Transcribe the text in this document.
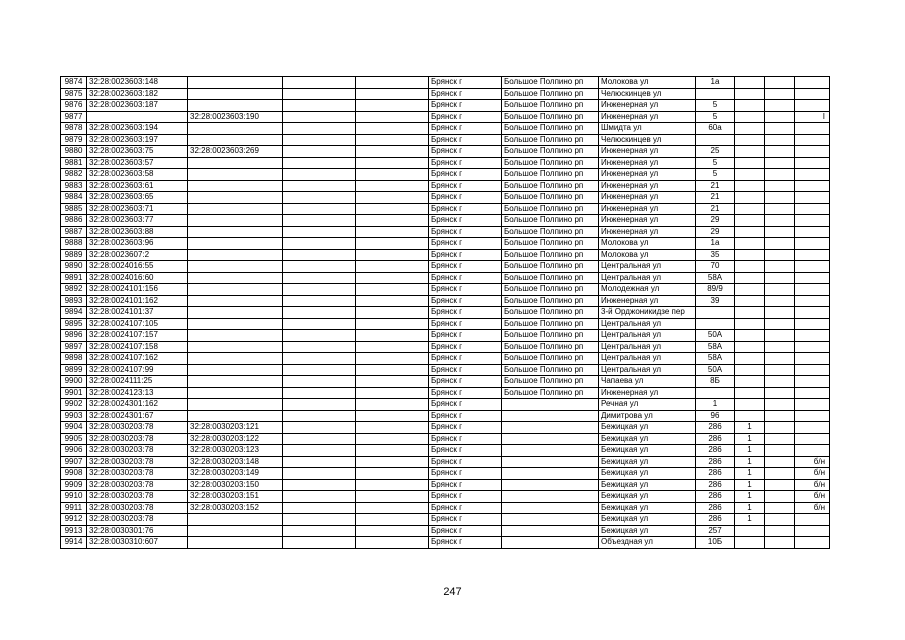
9874	32:28:0023603:148				Брянск г	Большое Полпино рп	Молокова ул	1а			
9875	32:28:0023603:182				Брянск г	Большое Полпино рп	Челюскинцев ул				
9876	32:28:0023603:187				Брянск г	Большое Полпино рп	Инженерная ул	5			
9877		32:28:0023603:190			Брянск г	Большое Полпино рп	Инженерная ул	5			I
9878	32:28:0023603:194				Брянск г	Большое Полпино рп	Шмидта ул	60а			
9879	32:28:0023603:197				Брянск г	Большое Полпино рп	Челюскинцев ул				
9880	32:28:0023603:75	32:28:0023603:269			Брянск г	Большое Полпино рп	Инженерная ул	25			
9881	32:28:0023603:57				Брянск г	Большое Полпино рп	Инженерная ул	5			
9882	32:28:0023603:58				Брянск г	Большое Полпино рп	Инженерная ул	5			
9883	32:28:0023603:61				Брянск г	Большое Полпино рп	Инженерная ул	21			
9884	32:28:0023603:65				Брянск г	Большое Полпино рп	Инженерная ул	21			
9885	32:28:0023603:71				Брянск г	Большое Полпино рп	Инженерная ул	21			
9886	32:28:0023603:77				Брянск г	Большое Полпино рп	Инженерная ул	29			
9887	32:28:0023603:88				Брянск г	Большое Полпино рп	Инженерная ул	29			
9888	32:28:0023603:96				Брянск г	Большое Полпино рп	Молокова ул	1а			
9889	32:28:0023607:2				Брянск г	Большое Полпино рп	Молокова ул	35			
9890	32:28:0024016:55				Брянск г	Большое Полпино рп	Центральная ул	70			
9891	32:28:0024016:60				Брянск г	Большое Полпино рп	Центральная ул	58А			
9892	32:28:0024101:156				Брянск г	Большое Полпино рп	Молодежная ул	89/9			
9893	32:28:0024101:162				Брянск г	Большое Полпино рп	Инженерная ул	39			
9894	32:28:0024101:37				Брянск г	Большое Полпино рп	3-й Орджоникидзе пер				
9895	32:28:0024107:105				Брянск г	Большое Полпино рп	Центральная ул				
9896	32:28:0024107:157				Брянск г	Большое Полпино рп	Центральная ул	50А			
9897	32:28:0024107:158				Брянск г	Большое Полпино рп	Центральная ул	58А			
9898	32:28:0024107:162				Брянск г	Большое Полпино рп	Центральная ул	58А			
9899	32:28:0024107:99				Брянск г	Большое Полпино рп	Центральная ул	50А			
9900	32:28:0024111:25				Брянск г	Большое Полпино рп	Чапаева ул	8Б			
9901	32:28:0024123:13				Брянск г	Большое Полпино рп	Инженерная ул				
9902	32:28:0024301:162				Брянск г		Речная ул	1			
9903	32:28:0024301:67				Брянск г		Димитрова ул	96			
9904	32:28:0030203:78	32:28:0030203:121			Брянск г		Бежицкая ул	286	1		
9905	32:28:0030203:78	32:28:0030203:122			Брянск г		Бежицкая ул	286	1		
9906	32:28:0030203:78	32:28:0030203:123			Брянск г		Бежицкая ул	286	1		
9907	32:28:0030203:78	32:28:0030203:148			Брянск г		Бежицкая ул	286	1		б/н
9908	32:28:0030203:78	32:28:0030203:149			Брянск г		Бежицкая ул	286	1		б/н
9909	32:28:0030203:78	32:28:0030203:150			Брянск г		Бежицкая ул	286	1		б/н
9910	32:28:0030203:78	32:28:0030203:151			Брянск г		Бежицкая ул	286	1		б/н
9911	32:28:0030203:78	32:28:0030203:152			Брянск г		Бежицкая ул	286	1		б/н
9912	32:28:0030203:78				Брянск г		Бежицкая ул	286	1		
9913	32:28:0030301:76				Брянск г		Бежицкая ул	257			
9914	32:28:0030310:607				Брянск г		Объездная ул	10Б			
247
